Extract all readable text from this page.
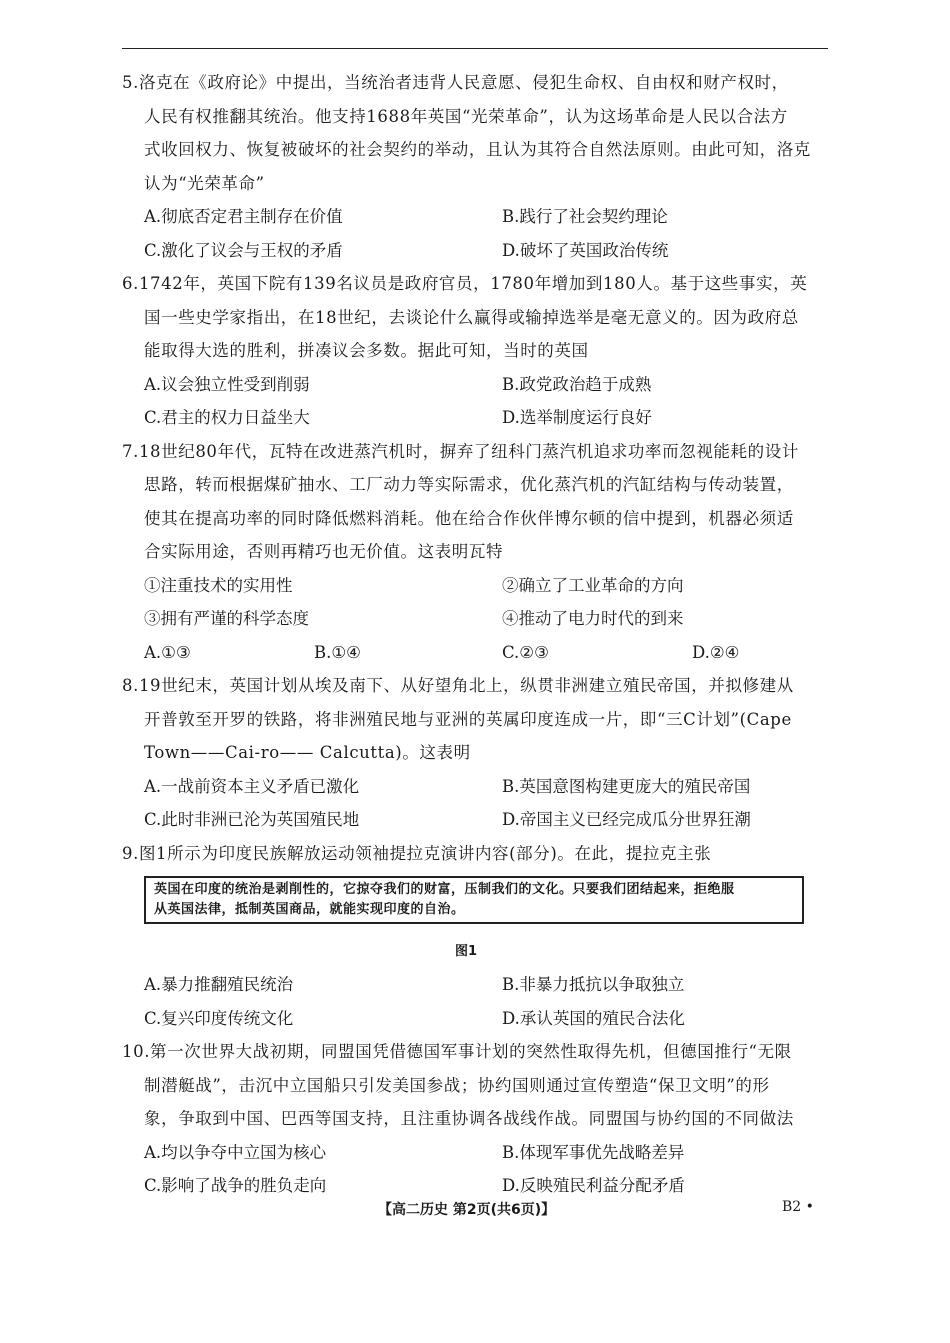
5.洛克在《政府论》中提出，当统治者违背人民意愿、侵犯生命权、自由权和财产权时，
人民有权推翻其统治。他支持1688年英国“光荣革命”，认为这场革命是人民以合法方
式收回权力、恢复被破坏的社会契约的举动，且认为其符合自然法原则。由此可知，洛克
认为“光荣革命”
A.彻底否定君主制存在价值	B.践行了社会契约理论
C.激化了议会与王权的矛盾	D.破坏了英国政治传统
6.1742年，英国下院有139名议员是政府官员，1780年增加到180人。基于这些事实，英
国一些史学家指出，在18世纪，去谈论什么赢得或输掉选举是毫无意义的。因为政府总
能取得大选的胜利，拼凑议会多数。据此可知，当时的英国
A.议会独立性受到削弱	B.政党政治趋于成熟
C.君主的权力日益坐大	D.选举制度运行良好
7.18世纪80年代，瓦特在改进蒸汽机时，摒弃了纽科门蒸汽机追求功率而忽视能耗的设计
思路，转而根据煤矿抽水、工厂动力等实际需求，优化蒸汽机的汽缸结构与传动装置，
使其在提高功率的同时降低燃料消耗。他在给合作伙伴博尔顿的信中提到，机器必须适
合实际用途，否则再精巧也无价值。这表明瓦特
①注重技术的实用性	②确立了工业革命的方向
③拥有严谨的科学态度	④推动了电力时代的到来
A.①③	B.①④	C.②③	D.②④
8.19世纪末，英国计划从埃及南下、从好望角北上，纵贯非洲建立殖民帝国，并拟修建从
开普敦至开罗的铁路，将非洲殖民地与亚洲的英属印度连成一片，即“三C计划”(Cape
Town——Cai-ro—— Calcutta)。这表明
A.一战前资本主义矛盾已激化	B.英国意图构建更庞大的殖民帝国
C.此时非洲已沦为英国殖民地	D.帝国主义已经完成瓜分世界狂潮
9.图1所示为印度民族解放运动领袖提拉克演讲内容(部分)。在此，提拉克主张
英国在印度的统治是剥削性的，它掠夺我们的财富，压制我们的文化。只要我们团结起来，拒绝服
从英国法律，抵制英国商品，就能实现印度的自治。
图1
A.暴力推翻殖民统治	B.非暴力抵抗以争取独立
C.复兴印度传统文化	D.承认英国的殖民合法化
10.第一次世界大战初期，同盟国凭借德国军事计划的突然性取得先机，但德国推行“无限
制潜艇战”，击沉中立国船只引发美国参战；协约国则通过宣传塑造“保卫文明”的形
象，争取到中国、巴西等国支持，且注重协调各战线作战。同盟国与协约国的不同做法
A.均以争夺中立国为核心	B.体现军事优先战略差异
C.影响了战争的胜负走向	D.反映殖民利益分配矛盾
【高二历史 第2页(共6页)】	B2 •
